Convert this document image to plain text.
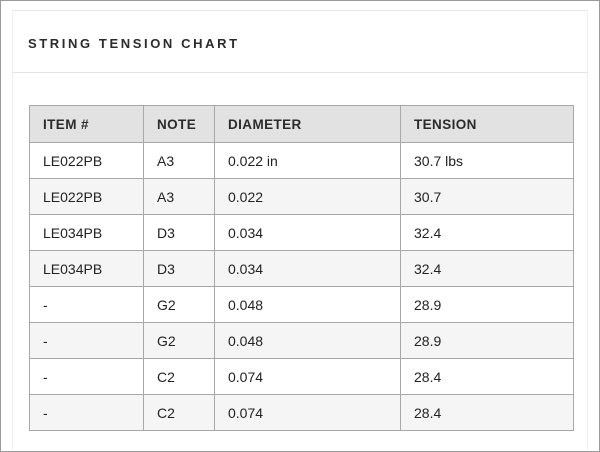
STRING TENSION CHART
ITEM #	NOTE	DIAMETER	TENSION
LE022PB	A3	0.022 in	30.7 lbs
LE022PB	A3	0.022	30.7
LE034PB	D3	0.034	32.4
LE034PB	D3	0.034	32.4
-	G2	0.048	28.9
-	G2	0.048	28.9
-	C2	0.074	28.4
-	C2	0.074	28.4
